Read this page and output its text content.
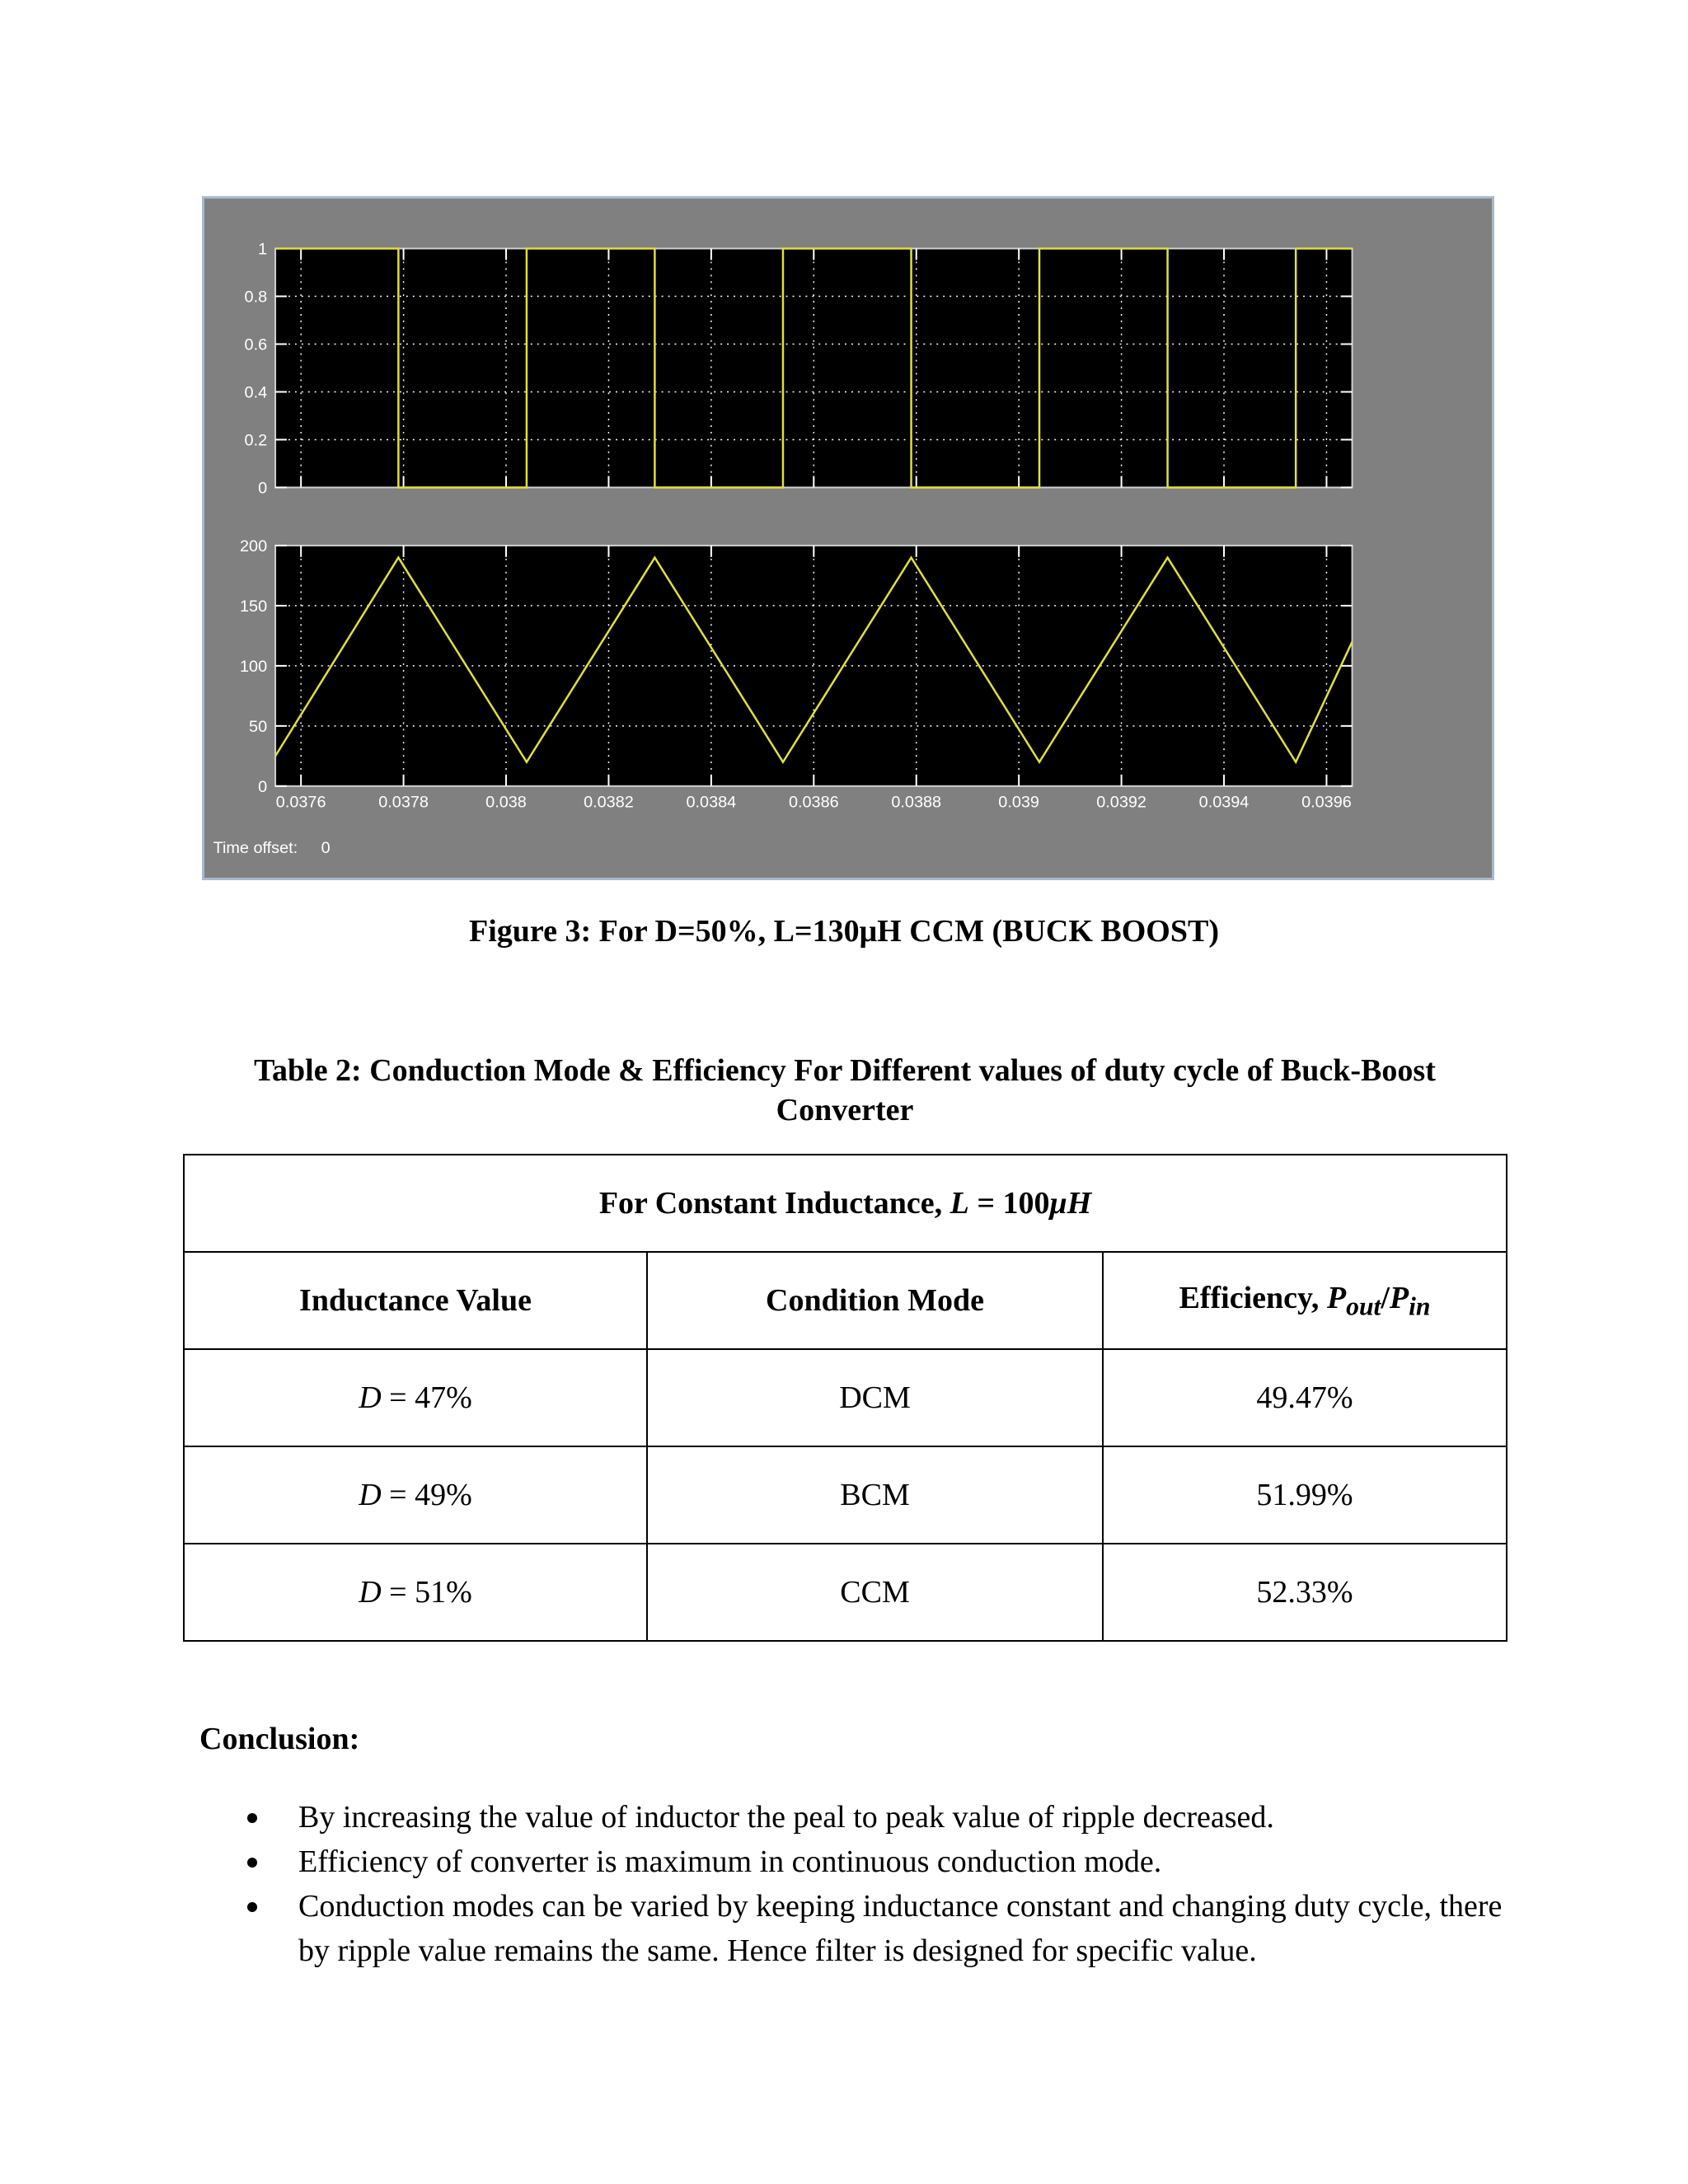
0
0.2
0.4
0.6
0.8
1
0
50
100
150
200
0.0376	0.0378	0.038	0.0382	0.0384	0.0386	0.0388	0.039	0.0392	0.0394	0.0396
Time offset: 0
Figure 3: For D=50%, L=130μH CCM (BUCK BOOST)
Table 2: Conduction Mode & Efficiency For Different values of duty cycle of Buck-Boost Converter
For Constant Inductance, L = 100μH		
Inductance Value	Condition Mode	Efficiency, $P_{out}/P_{in}$
D = 47%	DCM	49.47%
D = 49%	BCM	51.99%
D = 51%	CCM	52.33%
Conclusion:
By increasing the value of inductor the peal to peak value of ripple decreased.
Efficiency of converter is maximum in continuous conduction mode.
Conduction modes can be varied by keeping inductance constant and changing duty cycle, there by ripple value remains the same. Hence filter is designed for specific value.
